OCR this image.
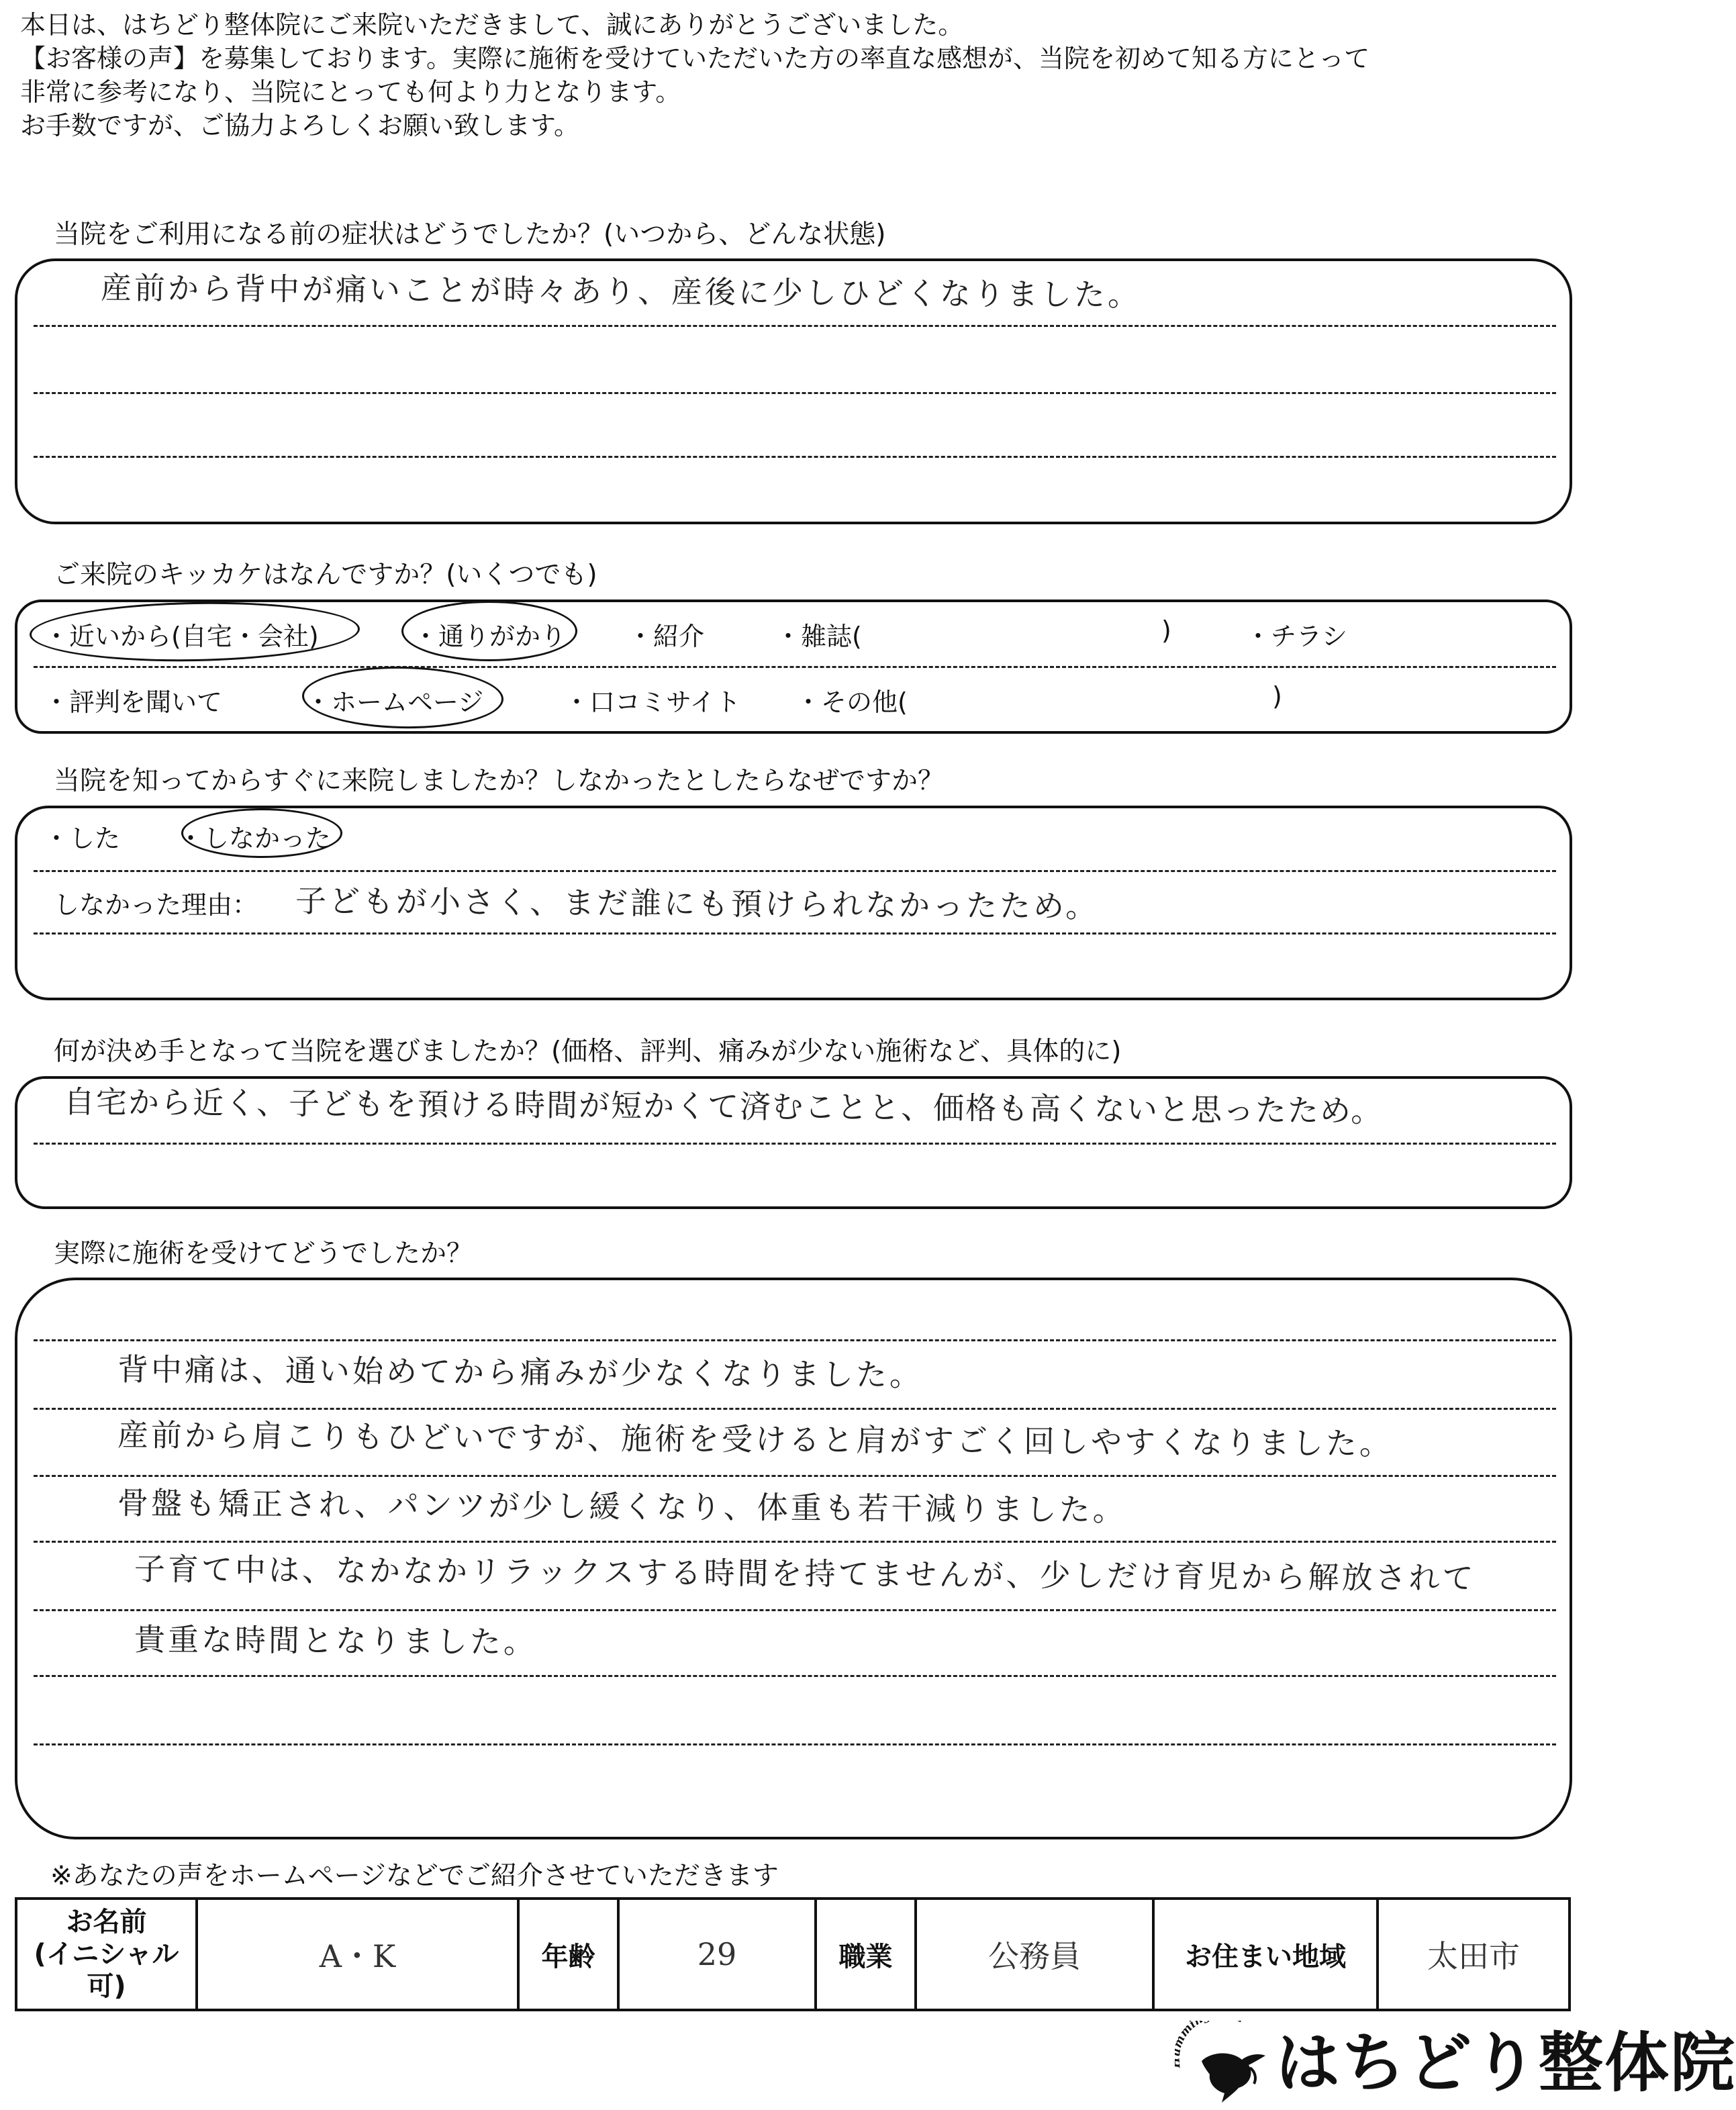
本日は、はちどり整体院にご来院いただきまして、誠にありがとうございました。
【お客様の声】を募集しております。実際に施術を受けていただいた方の率直な感想が、当院を初めて知る方にとって
非常に参考になり、当院にとっても何より力となります。
お手数ですが、ご協力よろしくお願い致します。
当院をご利用になる前の症状はどうでしたか？(いつから、どんな状態)
産前から背中が痛いことが時々あり、産後に少しひどくなりました。
ご来院のキッカケはなんですか？(いくつでも)
・近いから(自宅・会社)	・通りがかり ・紹介	・雑誌(	)	・チラシ
・評判を聞いて	・ホームページ	・口コミサイト ・その他(	)
当院を知ってからすぐに来院しましたか？しなかったとしたらなぜですか？
・した ・しなかった
しなかった理由： 子どもが小さく、まだ誰にも預けられなかったため。
何が決め手となって当院を選びましたか？(価格、評判、痛みが少ない施術など、具体的に)
自宅から近く、子どもを預ける時間が短かくて済むことと、価格も高くないと思ったため。
実際に施術を受けてどうでしたか？
背中痛は、通い始めてから痛みが少なくなりました。
産前から肩こりもひどいですが、施術を受けると肩がすごく回しやすくなりました。
骨盤も矯正され、パンツが少し緩くなり、体重も若干減りました。
子育て中は、なかなかリラックスする時間を持てませんが、少しだけ育児から解放されて
貴重な時間となりました。
※あなたの声をホームページなどでご紹介させていただきます
お名前
(イニシャル可)
	A・K	年齢	29	職業	公務員	お住まい地域	太田市
mi
はちどり整体院
